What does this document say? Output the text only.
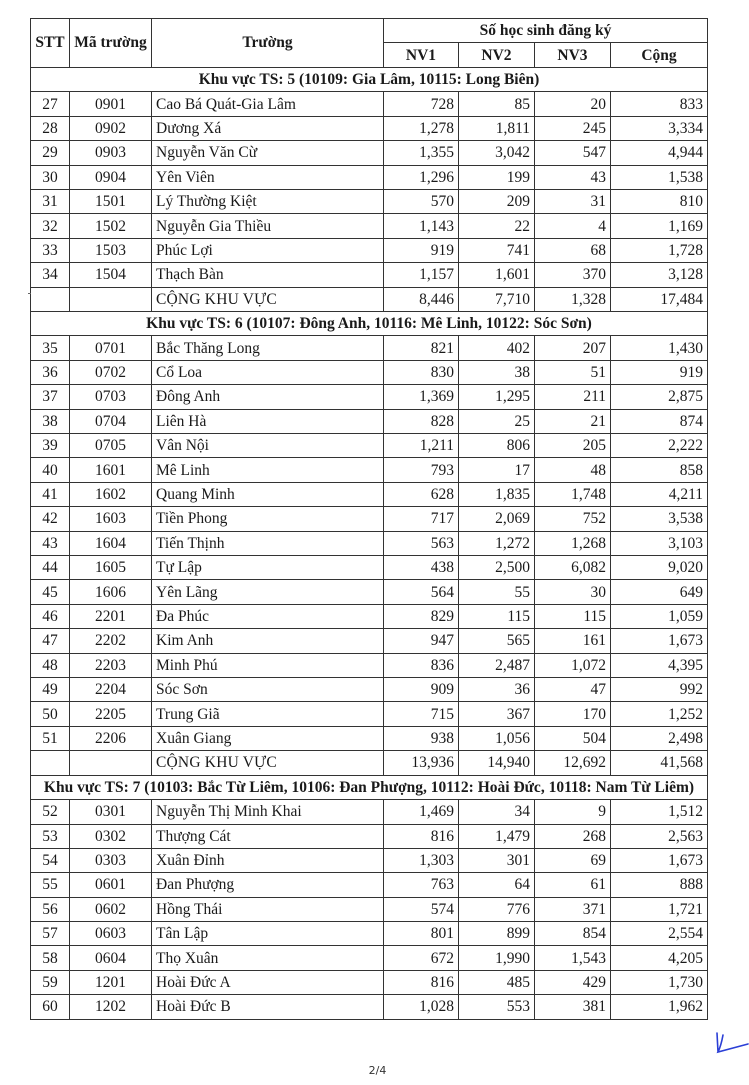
STT	Mã trường	Trường	Số học sinh đăng ký			
			NV1	NV2	NV3	Cộng
Khu vực TS: 5 (10109: Gia Lâm, 10115: Long Biên)						
27	0901	Cao Bá Quát-Gia Lâm	728	85	20	833
28	0902	Dương Xá	1,278	1,811	245	3,334
29	0903	Nguyễn Văn Cừ	1,355	3,042	547	4,944
30	0904	Yên Viên	1,296	199	43	1,538
31	1501	Lý Thường Kiệt	570	209	31	810
32	1502	Nguyễn Gia Thiều	1,143	22	4	1,169
33	1503	Phúc Lợi	919	741	68	1,728
34	1504	Thạch Bàn	1,157	1,601	370	3,128
		CỘNG KHU VỰC	8,446	7,710	1,328	17,484
Khu vực TS: 6 (10107: Đông Anh, 10116: Mê Linh, 10122: Sóc Sơn)						
35	0701	Bắc Thăng Long	821	402	207	1,430
36	0702	Cổ Loa	830	38	51	919
37	0703	Đông Anh	1,369	1,295	211	2,875
38	0704	Liên Hà	828	25	21	874
39	0705	Vân Nội	1,211	806	205	2,222
40	1601	Mê Linh	793	17	48	858
41	1602	Quang Minh	628	1,835	1,748	4,211
42	1603	Tiền Phong	717	2,069	752	3,538
43	1604	Tiến Thịnh	563	1,272	1,268	3,103
44	1605	Tự Lập	438	2,500	6,082	9,020
45	1606	Yên Lãng	564	55	30	649
46	2201	Đa Phúc	829	115	115	1,059
47	2202	Kim Anh	947	565	161	1,673
48	2203	Minh Phú	836	2,487	1,072	4,395
49	2204	Sóc Sơn	909	36	47	992
50	2205	Trung Giã	715	367	170	1,252
51	2206	Xuân Giang	938	1,056	504	2,498
		CỘNG KHU VỰC	13,936	14,940	12,692	41,568
Khu vực TS: 7 (10103: Bắc Từ Liêm, 10106: Đan Phượng, 10112: Hoài Đức, 10118: Nam Từ Liêm)						
52	0301	Nguyễn Thị Minh Khai	1,469	34	9	1,512
53	0302	Thượng Cát	816	1,479	268	2,563
54	0303	Xuân Đỉnh	1,303	301	69	1,673
55	0601	Đan Phượng	763	64	61	888
56	0602	Hồng Thái	574	776	371	1,721
57	0603	Tân Lập	801	899	854	2,554
58	0604	Thọ Xuân	672	1,990	1,543	4,205
59	1201	Hoài Đức A	816	485	429	1,730
60	1202	Hoài Đức B	1,028	553	381	1,962
2/4
